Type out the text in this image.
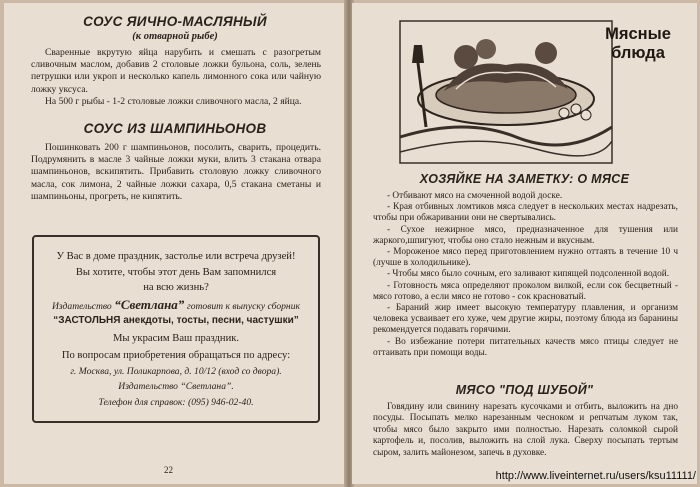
СОУС ЯИЧНО-МАСЛЯНЫЙ
(к отварной рыбе)

Сваренные вкрутую яйца нарубить и смешать с разогретым сливочным маслом, добавив 2 столовые ложки бульона, соль, зелень петрушки или укроп и несколько капель лимонного сока или чайную ложку уксуса.

На 500 г рыбы - 1-2 столовые ложки сливочного масла, 2 яйца.

СОУС ИЗ ШАМПИНЬОНОВ

Пошинковать 200 г шампиньонов, посолить, сварить, процедить. Подрумянить в масле 3 чайные ложки муки, влить 3 стакана отвара шампиньонов, вскипятить. Прибавить столовую ложку сливочного масла, сок лимона, 2 чайные ложки сахара, 0,5 стакана сметаны и шампиньоны, прогреть, не кипятить.

У Вас в доме праздник, застолье или встреча друзей!

Вы хотите, чтобы этот день Вам запомнился

на всю жизнь?

Издательство “Светлана” готовит к выпуску сборник

“ЗАСТОЛЬНЯ анекдоты, тосты, песни, частушки”

Мы украсим Ваш праздник.

По вопросам приобретения обращаться по адресу:

г. Москва, ул. Поликарпова, д. 10/12 (вход со двора).

Издательство “Светлана”.

Телефон для справок: (095) 946-02-40.

22
Мясные блюда
ХОЗЯЙКЕ НА ЗАМЕТКУ: О МЯСЕ

- Отбивают мясо на смоченной водой доске.

- Края отбивных ломтиков мяса следует в нескольких местах надрезать, чтобы при обжаривании они не свертывались.

- Сухое нежирное мясо, предназначенное для тушения или жаркого,шпигуют, чтобы оно стало нежным и вкусным.

- Мороженое мясо перед приготовлением нужно оттаять в течение 10 ч (лучше в холодильнике).

- Чтобы мясо было сочным, его заливают кипящей подсоленной водой.

- Готовность мяса определяют проколом вилкой, если сок бесцветный - мясо готово, а если мясо не готово - сок красноватый.

- Бараний жир имеет высокую температуру плавления, и организм человека усваивает его хуже, чем другие жиры, поэтому блюда из баранины рекомендуется подавать горячими.

- Во избежание потери питательных качеств мясо птицы следует не оттаивать при помощи воды.

МЯСО "ПОД ШУБОЙ"

Говядину или свинину нарезать кусочками и отбить, выложить на дно посуды. Посыпать мелко нарезанным чесноком и репчатым луком так, чтобы мясо было закрыто ими полностью. Нарезать соломкой сырой картофель и, посолив, выложить на слой лука. Сверху посыпать тертым сыром, залить майонезом, запечь в духовке.

http://www.liveinternet.ru/users/ksu11111/
